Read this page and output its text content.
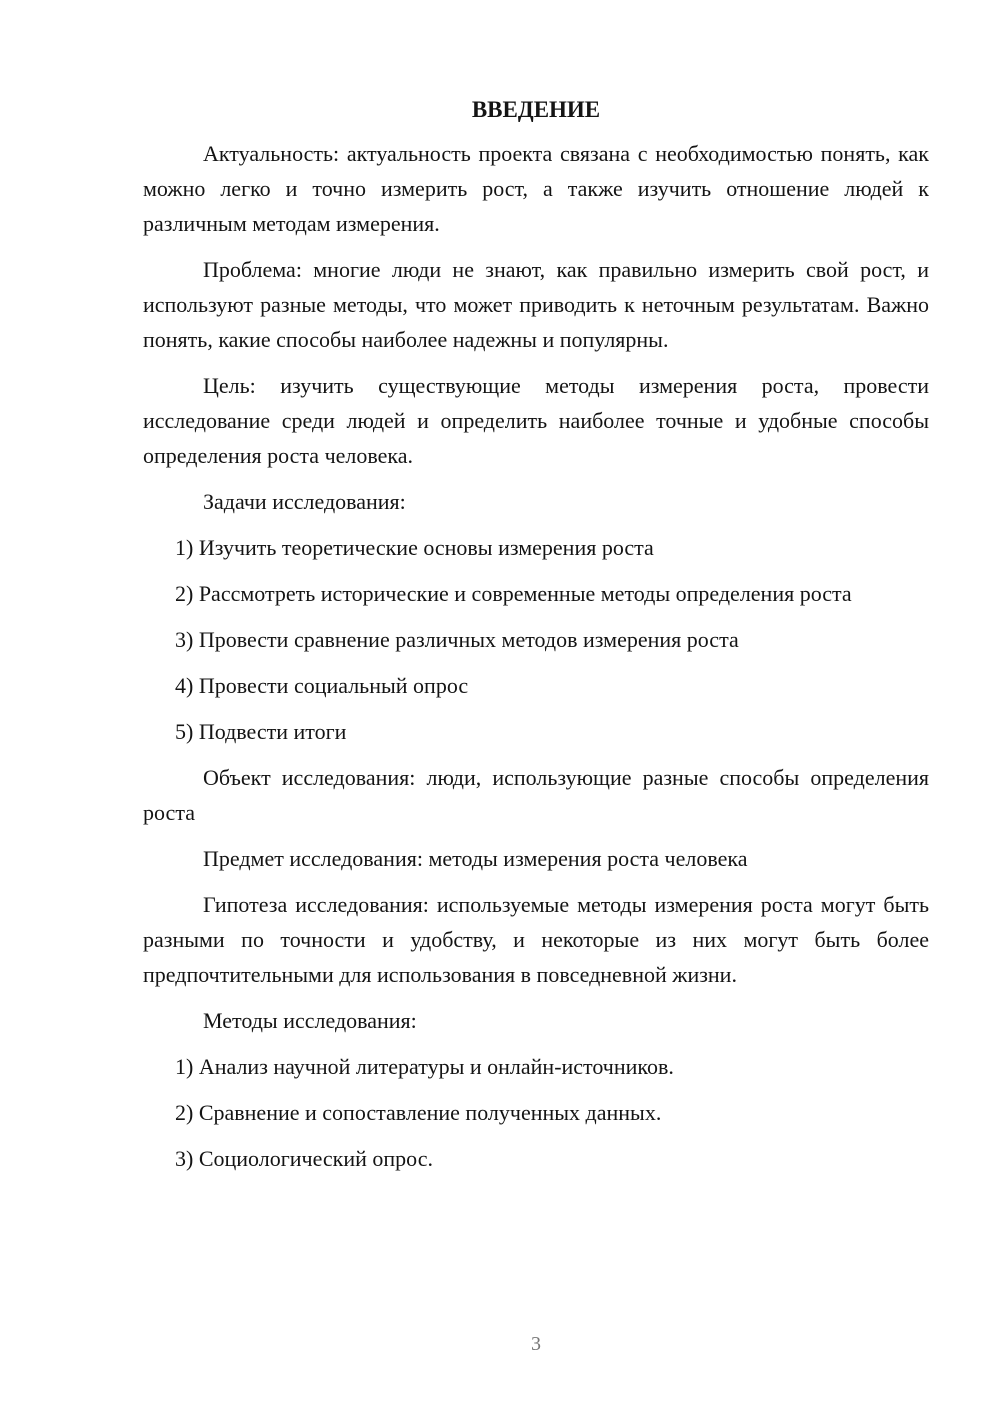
ВВЕДЕНИЕ

Актуальность: актуальность проекта связана с необходимостью понять, как можно легко и точно измерить рост, а также изучить отношение людей к различным методам измерения.

Проблема: многие люди не знают, как правильно измерить свой рост, и используют разные методы, что может приводить к неточным результатам. Важно понять, какие способы наиболее надежны и популярны.

Цель: изучить существующие методы измерения роста, провести исследование среди людей и определить наиболее точные и удобные способы определения роста человека.

Задачи исследования:

1) Изучить теоретические основы измерения роста

2) Рассмотреть исторические и современные методы определения роста

3) Провести сравнение различных методов измерения роста

4) Провести социальный опрос

5) Подвести итоги

Объект исследования: люди, использующие разные способы определения роста

Предмет исследования: методы измерения роста человека

Гипотеза исследования: используемые методы измерения роста могут быть разными по точности и удобству, и некоторые из них могут быть более предпочтительными для использования в повседневной жизни.

Методы исследования:

1) Анализ научной литературы и онлайн-источников.

2) Сравнение и сопоставление полученных данных.

3) Социологический опрос.

3
